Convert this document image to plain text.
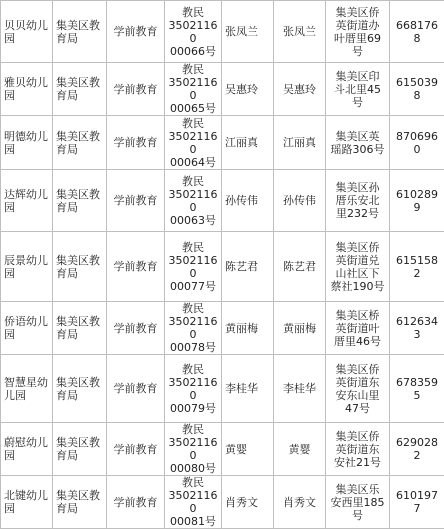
贝贝幼儿
园	集美区教
育局	学前教育	教民
35021160
00066号	张凤兰	张凤兰	集美区侨
英街道办
叶厝里69
号	6681768
雅贝幼儿
园	集美区教
育局	学前教育	教民
35021160
00065号	吴惠玲	吴惠玲	集美区印
斗北里45
号	6150398
明德幼儿
园	集美区教
育局	学前教育	教民
35021160
00064号	江丽真	江丽真	集美区英
瑶路306号	8706960
达辉幼儿
园	集美区教
育局	学前教育	教民
35021160
00063号	孙传伟	孙传伟	集美区孙
厝乐安北
里232号	6102899
辰景幼儿
园	集美区教
育局	学前教育	教民
35021160
00077号	陈艺君	陈艺君	集美区侨
英街道兑
山社区下
蔡社190号	6151582
侨语幼儿
园	集美区教
育局	学前教育	教民
35021160
00078号	黄丽梅	黄丽梅	集美区桥
英街道叶
厝里46号	6126343
智慧星幼
儿园	集美区教
育局	学前教育	教民
35021160
00079号	李桂华	李桂华	集美区侨
英街道东
安东山里
47号	6783595
蔚慰幼儿
园	集美区教
育局	学前教育	教民
35021160
00080号	黄婴	黄婴	集美区侨
英街道东
安社21号	6290282
北键幼儿
园	集美区教
育局	学前教育	教民
35021160
00081号	肖秀文	肖秀文	集美区乐
安西里185
号	6101977
